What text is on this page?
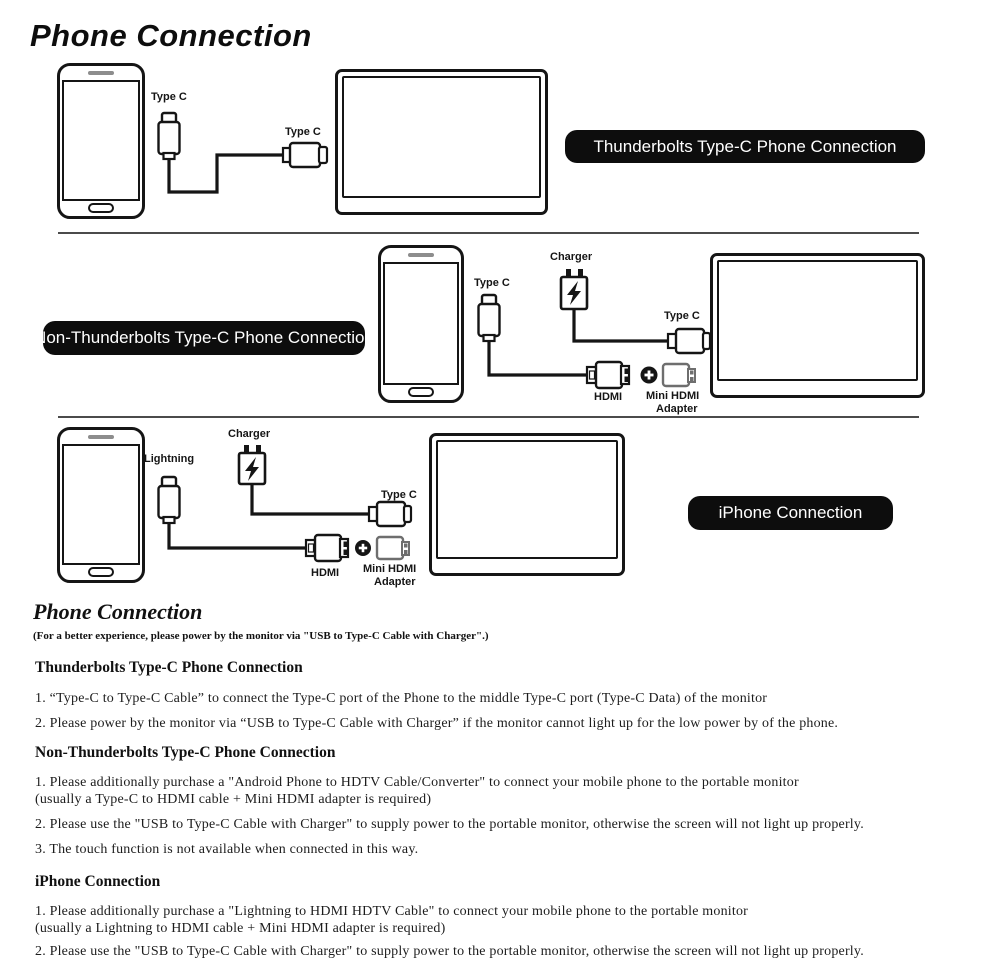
Phone Connection
Type C
Type C
Thunderbolts Type-C Phone Connection
Non-Thunderbolts Type-C Phone Connection
Type C
Charger
Type C
HDMI Mini HDMI
Adapter
Lightning
Charger
Type C
HDMI Mini HDMI
Adapter
iPhone Connection
Phone Connection
(For a better experience, please power by the monitor via "USB to Type-C Cable with Charger".)
Thunderbolts Type-C Phone Connection
1. “Type-C to Type-C Cable” to connect the Type-C port of the Phone to the middle Type-C port (Type-C Data) of the monitor
2. Please power by the monitor via “USB to Type-C Cable with Charger” if the monitor cannot light up for the low power by of the phone.
Non-Thunderbolts Type-C Phone Connection
1. Please additionally purchase a "Android Phone to HDTV Cable/Converter" to connect your mobile phone to the portable monitor
(usually a Type-C to HDMI cable + Mini HDMI adapter is required)
2. Please use the "USB to Type-C Cable with Charger" to supply power to the portable monitor, otherwise the screen will not light up properly.
3. The touch function is not available when connected in this way.
iPhone Connection
1. Please additionally purchase a "Lightning to HDMI HDTV Cable" to connect your mobile phone to the portable monitor
(usually a Lightning to HDMI cable + Mini HDMI adapter is required)
2. Please use the "USB to Type-C Cable with Charger" to supply power to the portable monitor, otherwise the screen will not light up properly.
